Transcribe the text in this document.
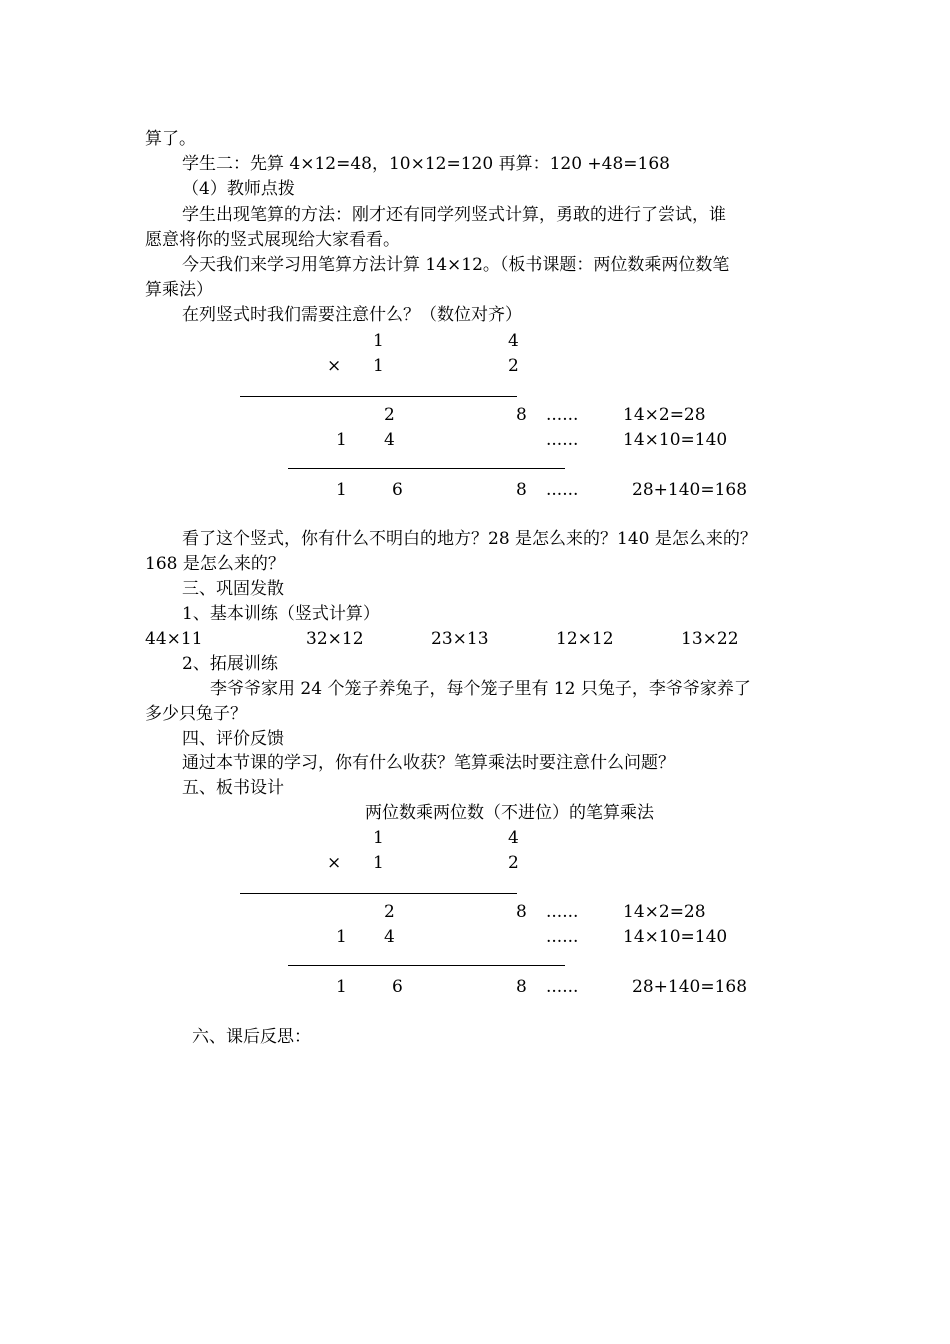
算了。
学生二：先算 4×12=48，10×12=120 再算：120 +48=168
（4）教师点拨
学生出现笔算的方法：刚才还有同学列竖式计算，勇敢的进行了尝试，谁
愿意将你的竖式展现给大家看看。
今天我们来学习用笔算方法计算 14×12。（板书课题：两位数乘两位数笔
算乘法）
在列竖式时我们需要注意什么？（数位对齐）
1	4
× 1	2
2	8 ......	14×2=28
1 4	......	14×10=140
1	6	8 ......	28+140=168
看了这个竖式，你有什么不明白的地方？28 是怎么来的？140 是怎么来的？
168 是怎么来的？
三、巩固发散
1、基本训练（竖式计算）
44×11	32×12	23×13	12×12	13×22
2、拓展训练
李爷爷家用 24 个笼子养兔子，每个笼子里有 12 只兔子，李爷爷家养了
多少只兔子？
四、评价反馈
通过本节课的学习，你有什么收获？笔算乘法时要注意什么问题？
五、板书设计
两位数乘两位数（不进位）的笔算乘法
1	4
× 1	2
2	8 ......	14×2=28
1 4	......	14×10=140
1	6	8 ......	28+140=168
六、课后反思：
